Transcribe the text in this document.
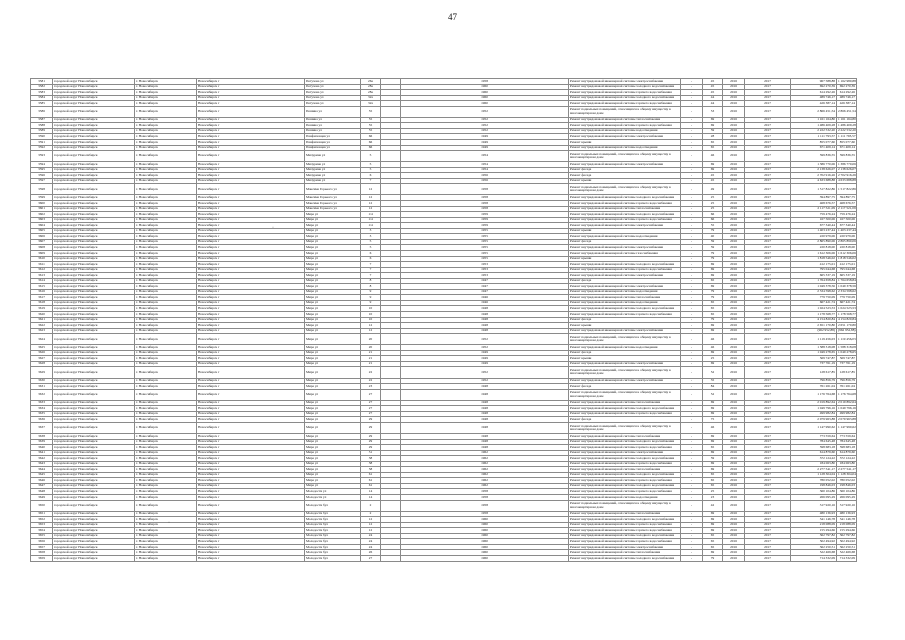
47
3581	городской округ Новосибирск	г. Новосибирск	Новосибирск г	Петухова ул	26а		1958	Ремонт внутридомовой инженерной системы электроснабжения	-	45	2016	2017	967 588,88	1 162 980,88
3582	городской округ Новосибирск	г. Новосибирск	Новосибирск г	Петухова ул	28а		1960	Ремонт внутридомовой инженерной системы холодного водоснабжения	-	45	2016	2017	692 270,39	692 270,39
3583	городской округ Новосибирск	г. Новосибирск	Новосибирск г	Петухова ул	28а		1960	Ремонт внутридомовой инженерной системы горячего водоснабжения	-	45	2016	2017	614 292,26	614 292,26
3584	городской округ Новосибирск	г. Новосибирск	Новосибирск г	Петухова ул	32а		1960	Ремонт внутридомовой инженерной системы холодного водоснабжения	-	44	2016	2017	489 746,17	489 746,17
3585	городской округ Новосибирск	г. Новосибирск	Новосибирск г	Петухова ул	32а		1960	Ремонт внутридомовой инженерной системы горячего водоснабжения	-	44	2016	2017	426 387,14	426 387,14
3586	городской округ Новосибирск	г. Новосибирск	Новосибирск г	Пешина ул	55		1952	Ремонт подвальных помещений, относящихся к общему имуществу в многоквартирном доме	-	53	2016	2017	2 866 451,54	2 866 451,54
3587	городской округ Новосибирск	г. Новосибирск	Новосибирск г	Пешина ул	55		1952	Ремонт внутридомовой инженерной системы теплоснабжения	-	69	2016	2017	1 161 164,80	1 161 164,80
3588	городской округ Новосибирск	г. Новосибирск	Новосибирск г	Пешина ул	55		1952	Ремонт внутридомовой инженерной системы горячего водоснабжения	-	69	2016	2017	1 486 409,28	1 486 409,28
3589	городской округ Новосибирск	г. Новосибирск	Новосибирск г	Пешина ул	55		1952	Ремонт внутридомовой инженерной системы водоотведения	-	59	2016	2017	2 222 532,20	2 222 532,20
3590	городской округ Новосибирск	г. Новосибирск	Новосибирск г	Панфиловцев ул	66		1949	Ремонт внутридомовой инженерной системы электроснабжения	-	28	2016	2017	1 111 793,57	1 111 793,57
3591	городской округ Новосибирск	г. Новосибирск	Новосибирск г	Панфиловцев ул	66		1949	Ремонт крыши	-	65	2016	2017	855 077,60	855 077,60
3592	городской округ Новосибирск	г. Новосибирск	Новосибирск г	Панфиловцев ул	66		1949	Ремонт внутридомовой инженерной системы водоотведения	-	65	2016	2017	671 409,14	671 409,14
3593	городской округ Новосибирск	г. Новосибирск	Новосибирск г	Мичурина ул	5		1954	Ремонт подвальных помещений, относящихся к общему имуществу в многоквартирном доме	-	46	2016	2017	599 836,55	599 836,55
3594	городской округ Новосибирск	г. Новосибирск	Новосибирск г	Мичурина ул	5		1954	Ремонт внутридомовой инженерной системы электроснабжения	-	69	2016	2017	1 386 770,06	1 386 770,06
3595	городской округ Новосибирск	г. Новосибирск	Новосибирск г	Мичурина ул	5		1954	Ремонт фасада	-	69	2016	2017	2 138 626,07	2 138 626,07
3596	городской округ Новосибирск	г. Новосибирск	Новосибирск г	Мичурина ул	6		1956	Ремонт фасада	-	45	2016	2017	2 702 916,26	2 702 916,26
3597	городской округ Новосибирск	г. Новосибирск	Новосибирск г	Мичурина ул	7		1956	Ремонт крыши	-	45	2016	2017	4 633 688,88	4 633 688,88
3598	городской округ Новосибирск	г. Новосибирск	Новосибирск г	Максима Горького ул	12		1958	Ремонт подвальных помещений, относящихся к общему имуществу в многоквартирном доме	-	49	2016	2017	1 517 822,86	1 517 822,86
3599	городской округ Новосибирск	г. Новосибирск	Новосибирск г	Максима Горького ул	12		1958	Ремонт внутридомовой инженерной системы холодного водоснабжения	-	25	2016	2017	394 897,75	394 897,75
3600	городской округ Новосибирск	г. Новосибирск	Новосибирск г	Максима Горького ул	12		1958	Ремонт внутридомовой инженерной системы горячего водоснабжения	-	25	2016	2017	468 676,57	468 676,57
3601	городской округ Новосибирск	г. Новосибирск	Новосибирск г	Максима Горького ул	12		1958	Ремонт внутридомовой инженерной системы теплоснабжения	-	25	2016	2017	2 117 521,09	2 117 521,09
3602	городской округ Новосибирск	г. Новосибирск	Новосибирск г	Мира ул	1/4		1959	Ремонт внутридомовой инженерной системы холодного водоснабжения	-	66	2016	2017	759 476,24	759 476,24
3603	городской округ Новосибирск	г. Новосибирск	Новосибирск г	Мира ул	1/4		1959	Ремонт внутридомовой инженерной системы горячего водоснабжения	-	66	2016	2017	167 500,06	167 500,06
3604	городской округ Новосибирск	г. Новосибирск	Новосибирск г	Мира ул	1/4		1959	Ремонт внутридомовой инженерной системы электроснабжения	-	55	2016	2017	677 340,44	677 340,44
3605	городской округ Новосибирск	г. Новосибирск	Новосибирск г	Мира ул	3		1955	Ремонт крыши	-	79	2016	2017	1 403 237,44	1 403 237,44
3606	городской округ Новосибирск	г. Новосибирск	Новосибирск г	Мира ул	3		1955	Ремонт внутридомовой инженерной системы водоотведения	-	40	2016	2017	220 979,06	220 979,06
3607	городской округ Новосибирск	г. Новосибирск	Новосибирск г	Мира ул	5		1955	Ремонт фасада	-	59	2016	2017	2 865 890,06	2 865 890,06
3608	городской округ Новосибирск	г. Новосибирск	Новосибирск г	Мира ул	5		1955	Ремонт внутридомовой инженерной системы электроснабжения	-	59	2016	2017	220 818,00	220 818,00
3609	городской округ Новосибирск	г. Новосибирск	Новосибирск г	Мира ул	6		1955	Ремонт внутридомовой инженерной системы газоснабжения	-	79	2016	2017	1 612 306,06	1 612 306,06
3610	городской округ Новосибирск	г. Новосибирск	Новосибирск г	Мира ул	6		1955	Ремонт крыши	-	79	2016	2017	1 818 546,02	1 818 546,02
3611	городской округ Новосибирск	г. Новосибирск	Новосибирск г	Мира ул	7		1953	Ремонт внутридомовой инженерной системы холодного водоснабжения	-	69	2016	2017	412 175,01	412 175,01
3612	городской округ Новосибирск	г. Новосибирск	Новосибирск г	Мира ул	7		1953	Ремонт внутридомовой инженерной системы горячего водоснабжения	-	69	2016	2017	795 044,68	795 044,68
3613	городской округ Новосибирск	г. Новосибирск	Новосибирск г	Мира ул	7		1953	Ремонт внутридомовой инженерной системы электроснабжения	-	69	2016	2017	665 337,19	665 337,19
3614	городской округ Новосибирск	г. Новосибирск	Новосибирск г	Мира ул	8		1947	Ремонт фасада	-	65	2016	2017	1 764 658,84	1 764 658,84
3615	городской округ Новосибирск	г. Новосибирск	Новосибирск г	Мира ул	8		1947	Ремонт внутридомовой инженерной системы электроснабжения	-	69	2016	2017	1 049 378,56	1 049 378,56
3616	городской округ Новосибирск	г. Новосибирск	Новосибирск г	Мира ул	9		1947	Ремонт внутридомовой инженерной системы водоотведения	-	79	2016	2017	2 334 598,62	2 334 598,62
3617	городской округ Новосибирск	г. Новосибирск	Новосибирск г	Мира ул	9		1946	Ремонт внутридомовой инженерной системы теплоснабжения	-	79	2016	2017	779 750,09	779 750,09
3618	городской округ Новосибирск	г. Новосибирск	Новосибирск г	Мира ул	9		1946	Ремонт внутридомовой инженерной системы водоотведения	-	65	2016	2017	667 421,74	667 421,74
3619	городской округ Новосибирск	г. Новосибирск	Новосибирск г	Мира ул	10		1948	Ремонт внутридомовой инженерной системы холодного водоснабжения	-	65	2016	2017	1 024 523,53	1 024 523,53
3620	городской округ Новосибирск	г. Новосибирск	Новосибирск г	Мира ул	10		1948	Ремонт внутридомовой инженерной системы горячего водоснабжения	-	65	2016	2017	1 178 568,77	1 178 568,77
3621	городской округ Новосибирск	г. Новосибирск	Новосибирск г	Мира ул	10		1948	Ремонт фасада	-	79	2016	2017	4 154 820,84	4 154 820,84
3622	городской округ Новосибирск	г. Новосибирск	Новосибирск г	Мира ул	12		1948	Ремонт крыши	-	69	2016	2017	2 651 170,80	2 651 170,80
3623	городской округ Новосибирск	г. Новосибирск	Новосибирск г	Мира ул	12		1948	Ремонт внутридомовой инженерной системы электроснабжения	-	69	2016	2017	(962 952,88)	(962 952,88)
3624	городской округ Новосибирск	г. Новосибирск	Новосибирск г	Мира ул	20		1952	Ремонт подвальных помещений, относящихся к общему имуществу в многоквартирном доме	-	46	2016	2017	1 119 456,03	1 119 456,03
3625	городской округ Новосибирск	г. Новосибирск	Новосибирск г	Мира ул	20		1952	Ремонт внутридомовой инженерной системы водоотведения	-	46	2016	2017	1 588 318,08	1 588 318,08
3626	городской округ Новосибирск	г. Новосибирск	Новосибирск г	Мира ул	21		1949	Ремонт фасада	-	69	2016	2017	1 049 278,65	1 049 278,65
3627	городской округ Новосибирск	г. Новосибирск	Новосибирск г	Мира ул	21		1949	Ремонт крыши	-	25	2016	2017	569 747,87	569 747,87
3628	городской округ Новосибирск	г. Новосибирск	Новосибирск г	Мира ул	21		1949	Ремонт внутридомовой инженерной системы электроснабжения	-	69	2016	2017	737 761,19	737 761,19
3629	городской округ Новосибирск	г. Новосибирск	Новосибирск г	Мира ул	22		1952	Ремонт подвальных помещений, относящихся к общему имуществу в многоквартирном доме	-	52	2016	2017	128 617,85	128 617,85
3630	городской округ Новосибирск	г. Новосибирск	Новосибирск г	Мира ул	22		1952	Ремонт внутридомовой инженерной системы электроснабжения	-	35	2016	2017	796 856,79	796 856,79
3631	городской округ Новосибирск	г. Новосибирск	Новосибирск г	Мира ул	23		1948	Ремонт фасада	-	84	2016	2017	761 261,04	761 261,04
3632	городской округ Новосибирск	г. Новосибирск	Новосибирск г	Мира ул	27		1948	Ремонт подвальных помещений, относящихся к общему имуществу в многоквартирном доме	-	52	2016	2017	1 176 764,68	1 176 764,68
3633	городской округ Новосибирск	г. Новосибирск	Новосибирск г	Мира ул	27		1948	Ремонт внутридомовой инженерной системы теплоснабжения	-	69	2016	2017	2 019 892,64	2 019 892,64
3634	городской округ Новосибирск	г. Новосибирск	Новосибирск г	Мира ул	27		1948	Ремонт внутридомовой инженерной системы холодного водоснабжения	-	69	2016	2017	1 049 796,16	1 049 796,16
3635	городской округ Новосибирск	г. Новосибирск	Новосибирск г	Мира ул	27		1948	Ремонт внутридомовой инженерной системы горячего водоснабжения	-	69	2016	2017	499 982,84	499 982,84
3636	городской округ Новосибирск	г. Новосибирск	Новосибирск г	Мира ул	29		1948	Ремонт фасада	-	75	2016	2017	2 079 963,88	2 079 963,88
3637	городской округ Новосибирск	г. Новосибирск	Новосибирск г	Мира ул	29		1948	Ремонт подвальных помещений, относящихся к общему имуществу в многоквартирном доме	-	46	2016	2017	1 147 990,62	1 147 990,62
3638	городской округ Новосибирск	г. Новосибирск	Новосибирск г	Мира ул	29		1948	Ремонт внутридомовой инженерной системы теплоснабжения	-	69	2016	2017	773 559,64	773 559,64
3639	городской округ Новосибирск	г. Новосибирск	Новосибирск г	Мира ул	29		1948	Ремонт внутридомовой инженерной системы холодного водоснабжения	-	69	2016	2017	784 645,48	784 645,48
3640	городской округ Новосибирск	г. Новосибирск	Новосибирск г	Мира ул	29		1948	Ремонт внутридомовой инженерной системы горячего водоснабжения	-	65	2016	2017	598 683,18	598 683,18
3641	городской округ Новосибирск	г. Новосибирск	Новосибирск г	Мира ул	31		1962	Ремонт внутридомовой инженерной системы электроснабжения	-	69	2016	2017	614 879,60	614 879,60
3642	городской округ Новосибирск	г. Новосибирск	Новосибирск г	Мира ул	38		1962	Ремонт внутридомовой инженерной системы холодного водоснабжения	-	59	2016	2017	372 124,22	372 124,22
3643	городской округ Новосибирск	г. Новосибирск	Новосибирск г	Мира ул	38		1962	Ремонт внутридомовой инженерной системы горячего водоснабжения	-	69	2016	2017	184 063,80	184 063,80
3644	городской округ Новосибирск	г. Новосибирск	Новосибирск г	Мира ул	58		1962	Ремонт внутридомовой инженерной системы теплоснабжения	-	69	2016	2017	2 277 541,17	2 277 541,17
3645	городской округ Новосибирск	г. Новосибирск	Новосибирск г	Мира ул	61		1962	Ремонт внутридомовой инженерной системы холодного водоснабжения	-	65	2016	2017	1 128 304,04	1 128 304,04
3646	городской округ Новосибирск	г. Новосибирск	Новосибирск г	Мира ул	61		1962	Ремонт внутридомовой инженерной системы горячего водоснабжения	-	65	2016	2017	780 052,02	780 052,02
3647	городской округ Новосибирск	г. Новосибирск	Новосибирск г	Мира ул	61		1962	Ремонт внутридомовой инженерной системы холодного водоснабжения	-	65	2016	2017	198 846,03	198 846,03
3648	городской округ Новосибирск	г. Новосибирск	Новосибирск г	Молодости ул	14		1958	Ремонт внутридомовой инженерной системы горячего водоснабжения	-	25	2016	2017	360 104,86	360 104,86
3649	городской округ Новосибирск	г. Новосибирск	Новосибирск г	Молодости ул	14		1958	Ремонт внутридомовой инженерной системы водоотведения	-	23	2016	2017	266 095,29	266 095,29
3650	городской округ Новосибирск	г. Новосибирск	Новосибирск г	Молодости бул	2		1958	Ремонт подвальных помещений, относящихся к общему имуществу в многоквартирном доме	-	42	2016	2017	317 920,16	317 920,16
3651	городской округ Новосибирск	г. Новосибирск	Новосибирск г	Молодости бул	2		1958	Ремонт внутридомовой инженерной системы теплоснабжения	-	69	2016	2017	480 136,93	480 136,93
3652	городской округ Новосибирск	г. Новосибирск	Новосибирск г	Молодости бул	12		1960	Ремонт внутридомовой инженерной системы холодного водоснабжения	-	69	2016	2017	341 146,78	341 146,78
3653	городской округ Новосибирск	г. Новосибирск	Новосибирск г	Молодости бул	12		1960	Ремонт внутридомовой инженерной системы горячего водоснабжения	-	69	2016	2017	218 088,09	218 088,09
3654	городской округ Новосибирск	г. Новосибирск	Новосибирск г	Молодости бул	12		1960	Ремонт внутридомовой инженерной системы горячего водоснабжения	-	69	2016	2017	155 294,66	155 294,66
3655	городской округ Новосибирск	г. Новосибирск	Новосибирск г	Молодости бул	24		1960	Ремонт внутридомовой инженерной системы холодного водоснабжения	-	65	2016	2017	362 797,82	362 797,82
3656	городской округ Новосибирск	г. Новосибирск	Новосибирск г	Молодости бул	24		1960	Ремонт внутридомовой инженерной системы горячего водоснабжения	-	65	2016	2017	502 494,92	502 494,92
3657	городской округ Новосибирск	г. Новосибирск	Новосибирск г	Молодости бул	24		1960	Ремонт внутридомовой инженерной системы электроснабжения	-	65	2016	2017	362 250,51	362 250,51
3658	городской округ Новосибирск	г. Новосибирск	Новосибирск г	Молодости бул	26		1960	Ремонт внутридомовой инженерной системы теплоснабжения	-	69	2016	2017	522 469,68	522 469,68
3659	городской округ Новосибирск	г. Новосибирск	Новосибирск г	Молодости бул	27		1960	Ремонт внутридомовой инженерной системы холодного водоснабжения	-	79	2016	2017	714 332,09	714 332,09
·
·
